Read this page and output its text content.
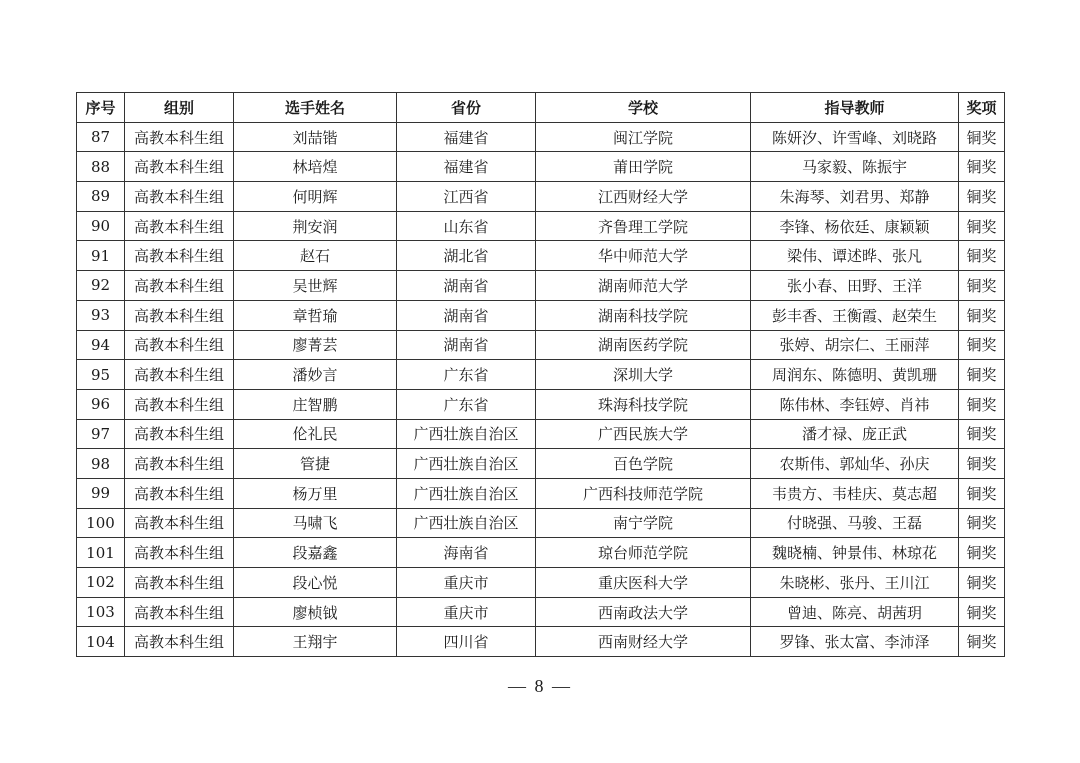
序号	组别	选手姓名	省份	学校	指导教师	奖项
87	高教本科生组	刘喆锴	福建省	闽江学院	陈妍汐、许雪峰、刘晓路	铜奖
88	高教本科生组	林培煌	福建省	莆田学院	马家毅、陈振宇	铜奖
89	高教本科生组	何明辉	江西省	江西财经大学	朱海琴、刘君男、郑静	铜奖
90	高教本科生组	荆安润	山东省	齐鲁理工学院	李锋、杨依廷、康颖颖	铜奖
91	高教本科生组	赵石	湖北省	华中师范大学	梁伟、谭述晔、张凡	铜奖
92	高教本科生组	吴世辉	湖南省	湖南师范大学	张小春、田野、王洋	铜奖
93	高教本科生组	章哲瑜	湖南省	湖南科技学院	彭丰香、王衡霞、赵荣生	铜奖
94	高教本科生组	廖菁芸	湖南省	湖南医药学院	张婷、胡宗仁、王丽萍	铜奖
95	高教本科生组	潘妙言	广东省	深圳大学	周润东、陈德明、黄凯珊	铜奖
96	高教本科生组	庄智鹏	广东省	珠海科技学院	陈伟林、李钰婷、肖祎	铜奖
97	高教本科生组	伦礼民	广西壮族自治区	广西民族大学	潘才禄、庞正武	铜奖
98	高教本科生组	管捷	广西壮族自治区	百色学院	农斯伟、郭灿华、孙庆	铜奖
99	高教本科生组	杨万里	广西壮族自治区	广西科技师范学院	韦贵方、韦桂庆、莫志超	铜奖
100	高教本科生组	马啸飞	广西壮族自治区	南宁学院	付晓强、马骏、王磊	铜奖
101	高教本科生组	段嘉鑫	海南省	琼台师范学院	魏晓楠、钟景伟、林琼花	铜奖
102	高教本科生组	段心悦	重庆市	重庆医科大学	朱晓彬、张丹、王川江	铜奖
103	高教本科生组	廖桢钺	重庆市	西南政法大学	曾迪、陈亮、胡茜玥	铜奖
104	高教本科生组	王翔宇	四川省	西南财经大学	罗锋、张太富、李沛泽	铜奖
— 8 —
